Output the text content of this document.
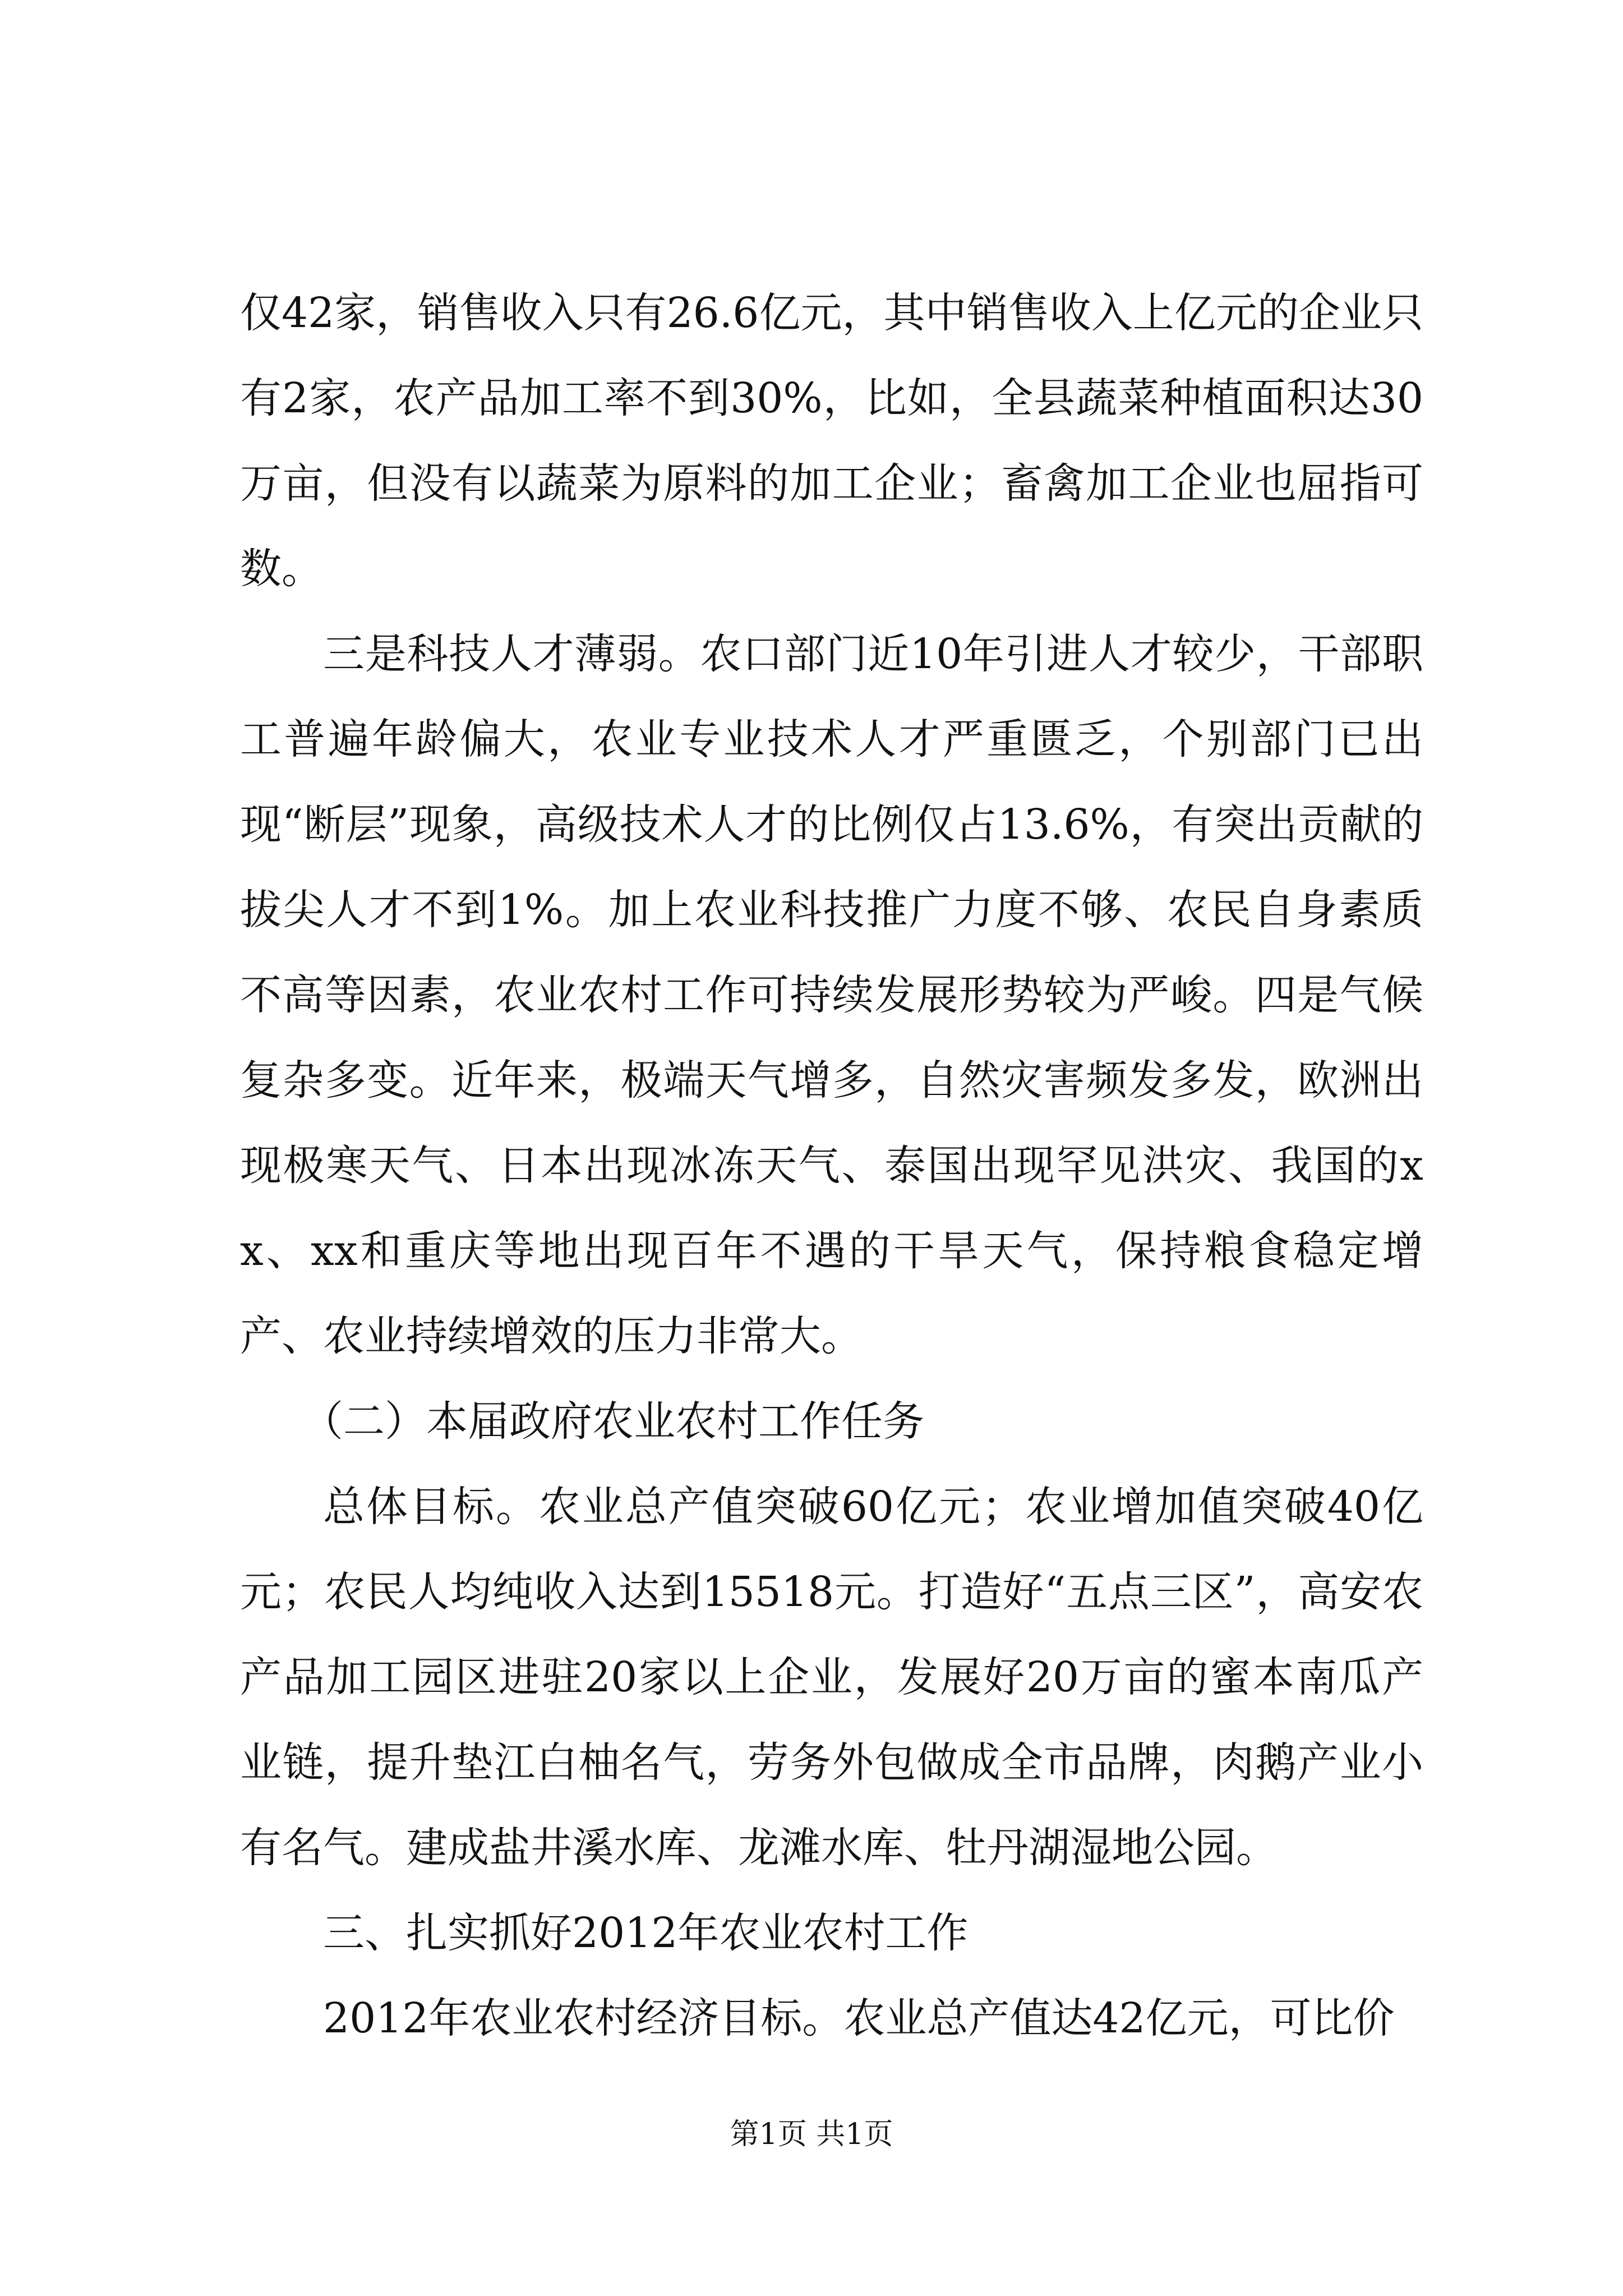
仅42家，销售收入只有26.6亿元，其中销售收入上亿元的企业只有2家，农产品加工率不到30%，比如，全县蔬菜种植面积达30万亩，但没有以蔬菜为原料的加工企业；畜禽加工企业也屈指可数。

三是科技人才薄弱。农口部门近10年引进人才较少，干部职工普遍年龄偏大，农业专业技术人才严重匮乏，个别部门已出现“断层”现象，高级技术人才的比例仅占13.6%，有突出贡献的拔尖人才不到1%。加上农业科技推广力度不够、农民自身素质不高等因素，农业农村工作可持续发展形势较为严峻。四是气候复杂多变。近年来，极端天气增多，自然灾害频发多发，欧洲出现极寒天气、日本出现冰冻天气、泰国出现罕见洪灾、我国的xx、xx和重庆等地出现百年不遇的干旱天气，保持粮食稳定增产、农业持续增效的压力非常大。

（二）本届政府农业农村工作任务

总体目标。农业总产值突破60亿元；农业增加值突破40亿元；农民人均纯收入达到15518元。打造好“五点三区”，高安农产品加工园区进驻20家以上企业，发展好20万亩的蜜本南瓜产业链，提升垫江白柚名气，劳务外包做成全市品牌，肉鹅产业小有名气。建成盐井溪水库、龙滩水库、牡丹湖湿地公园。

三、扎实抓好2012年农业农村工作

2012年农业农村经济目标。农业总产值达42亿元，可比价

第1页 共1页
